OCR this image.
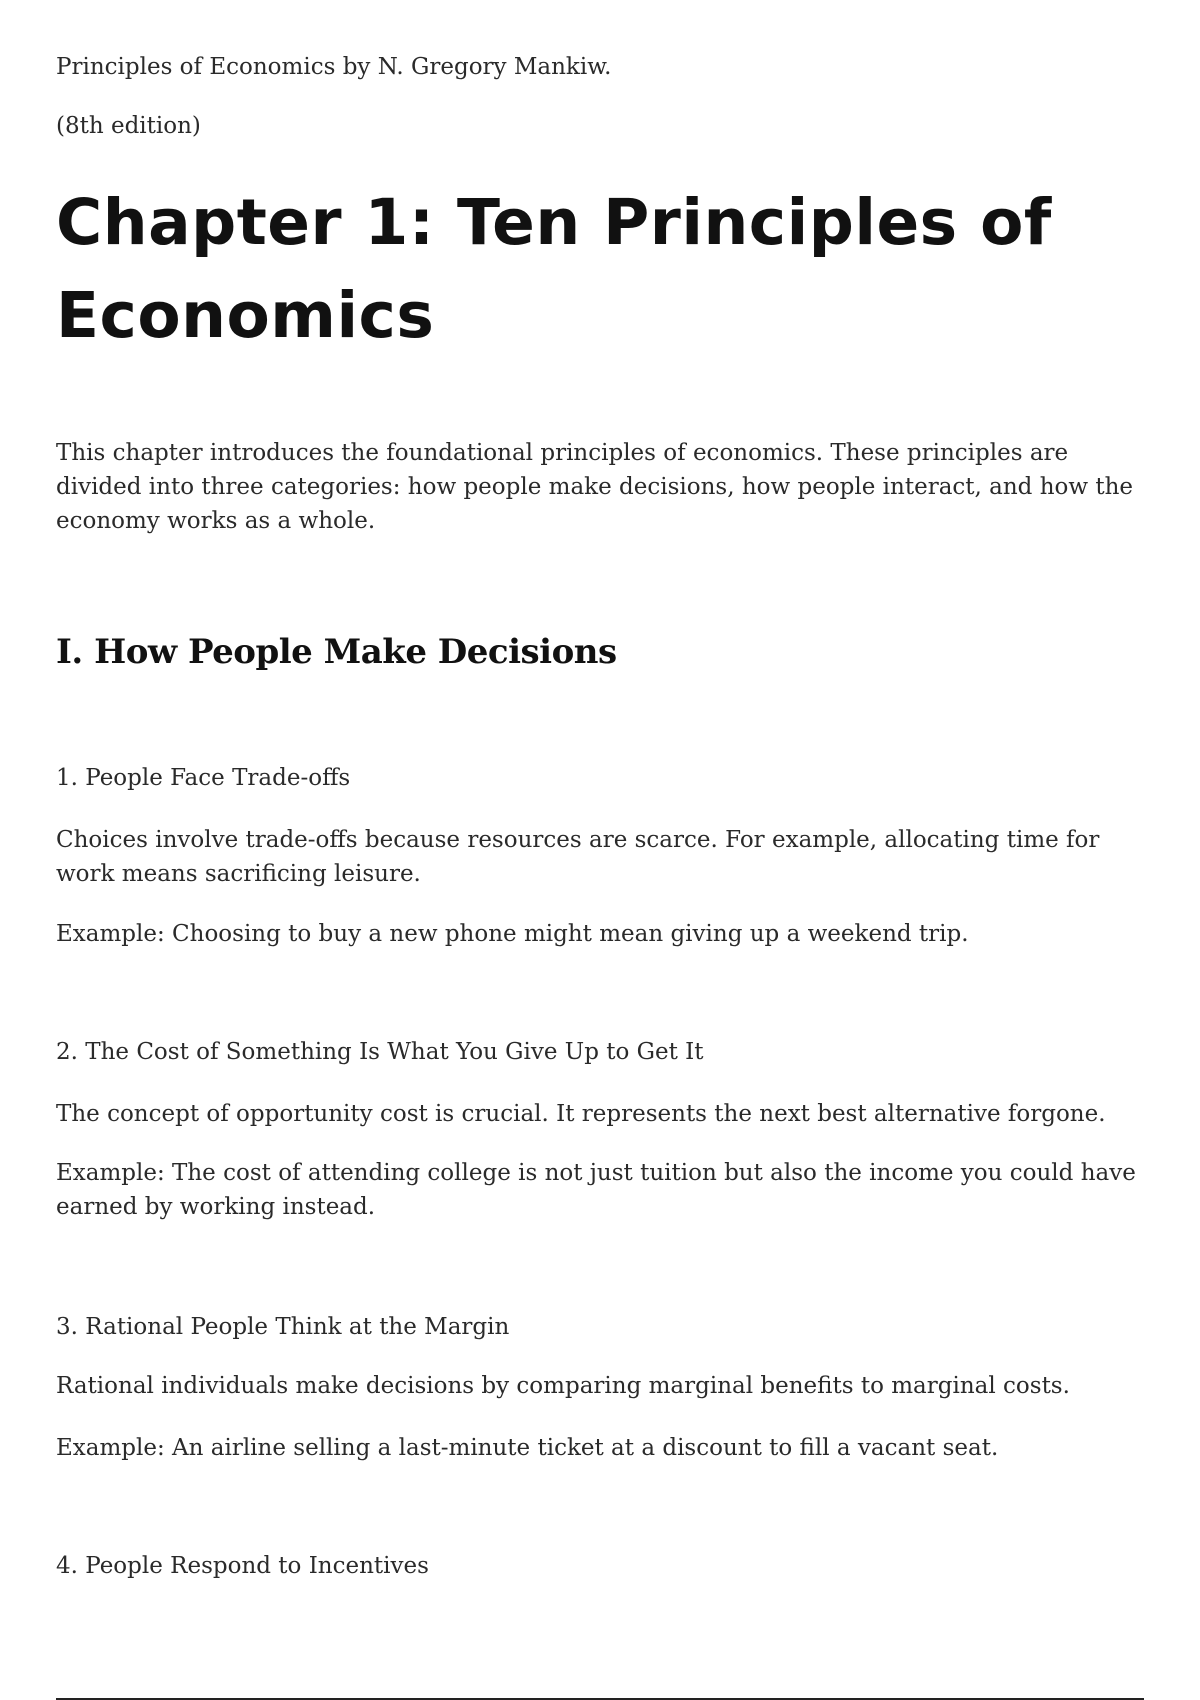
Principles of Economics by N. Gregory Mankiw.

(8th edition)

Chapter 1: Ten Principles of Economics

This chapter introduces the foundational principles of economics. These principles are divided into three categories: how people make decisions, how people interact, and how the economy works as a whole.

I. How People Make Decisions

1. People Face Trade-offs

Choices involve trade-offs because resources are scarce. For example, allocating time for work means sacrificing leisure.

Example: Choosing to buy a new phone might mean giving up a weekend trip.

2. The Cost of Something Is What You Give Up to Get It

The concept of opportunity cost is crucial. It represents the next best alternative forgone.

Example: The cost of attending college is not just tuition but also the income you could have earned by working instead.

3. Rational People Think at the Margin

Rational individuals make decisions by comparing marginal benefits to marginal costs.

Example: An airline selling a last-minute ticket at a discount to fill a vacant seat.

4. People Respond to Incentives
